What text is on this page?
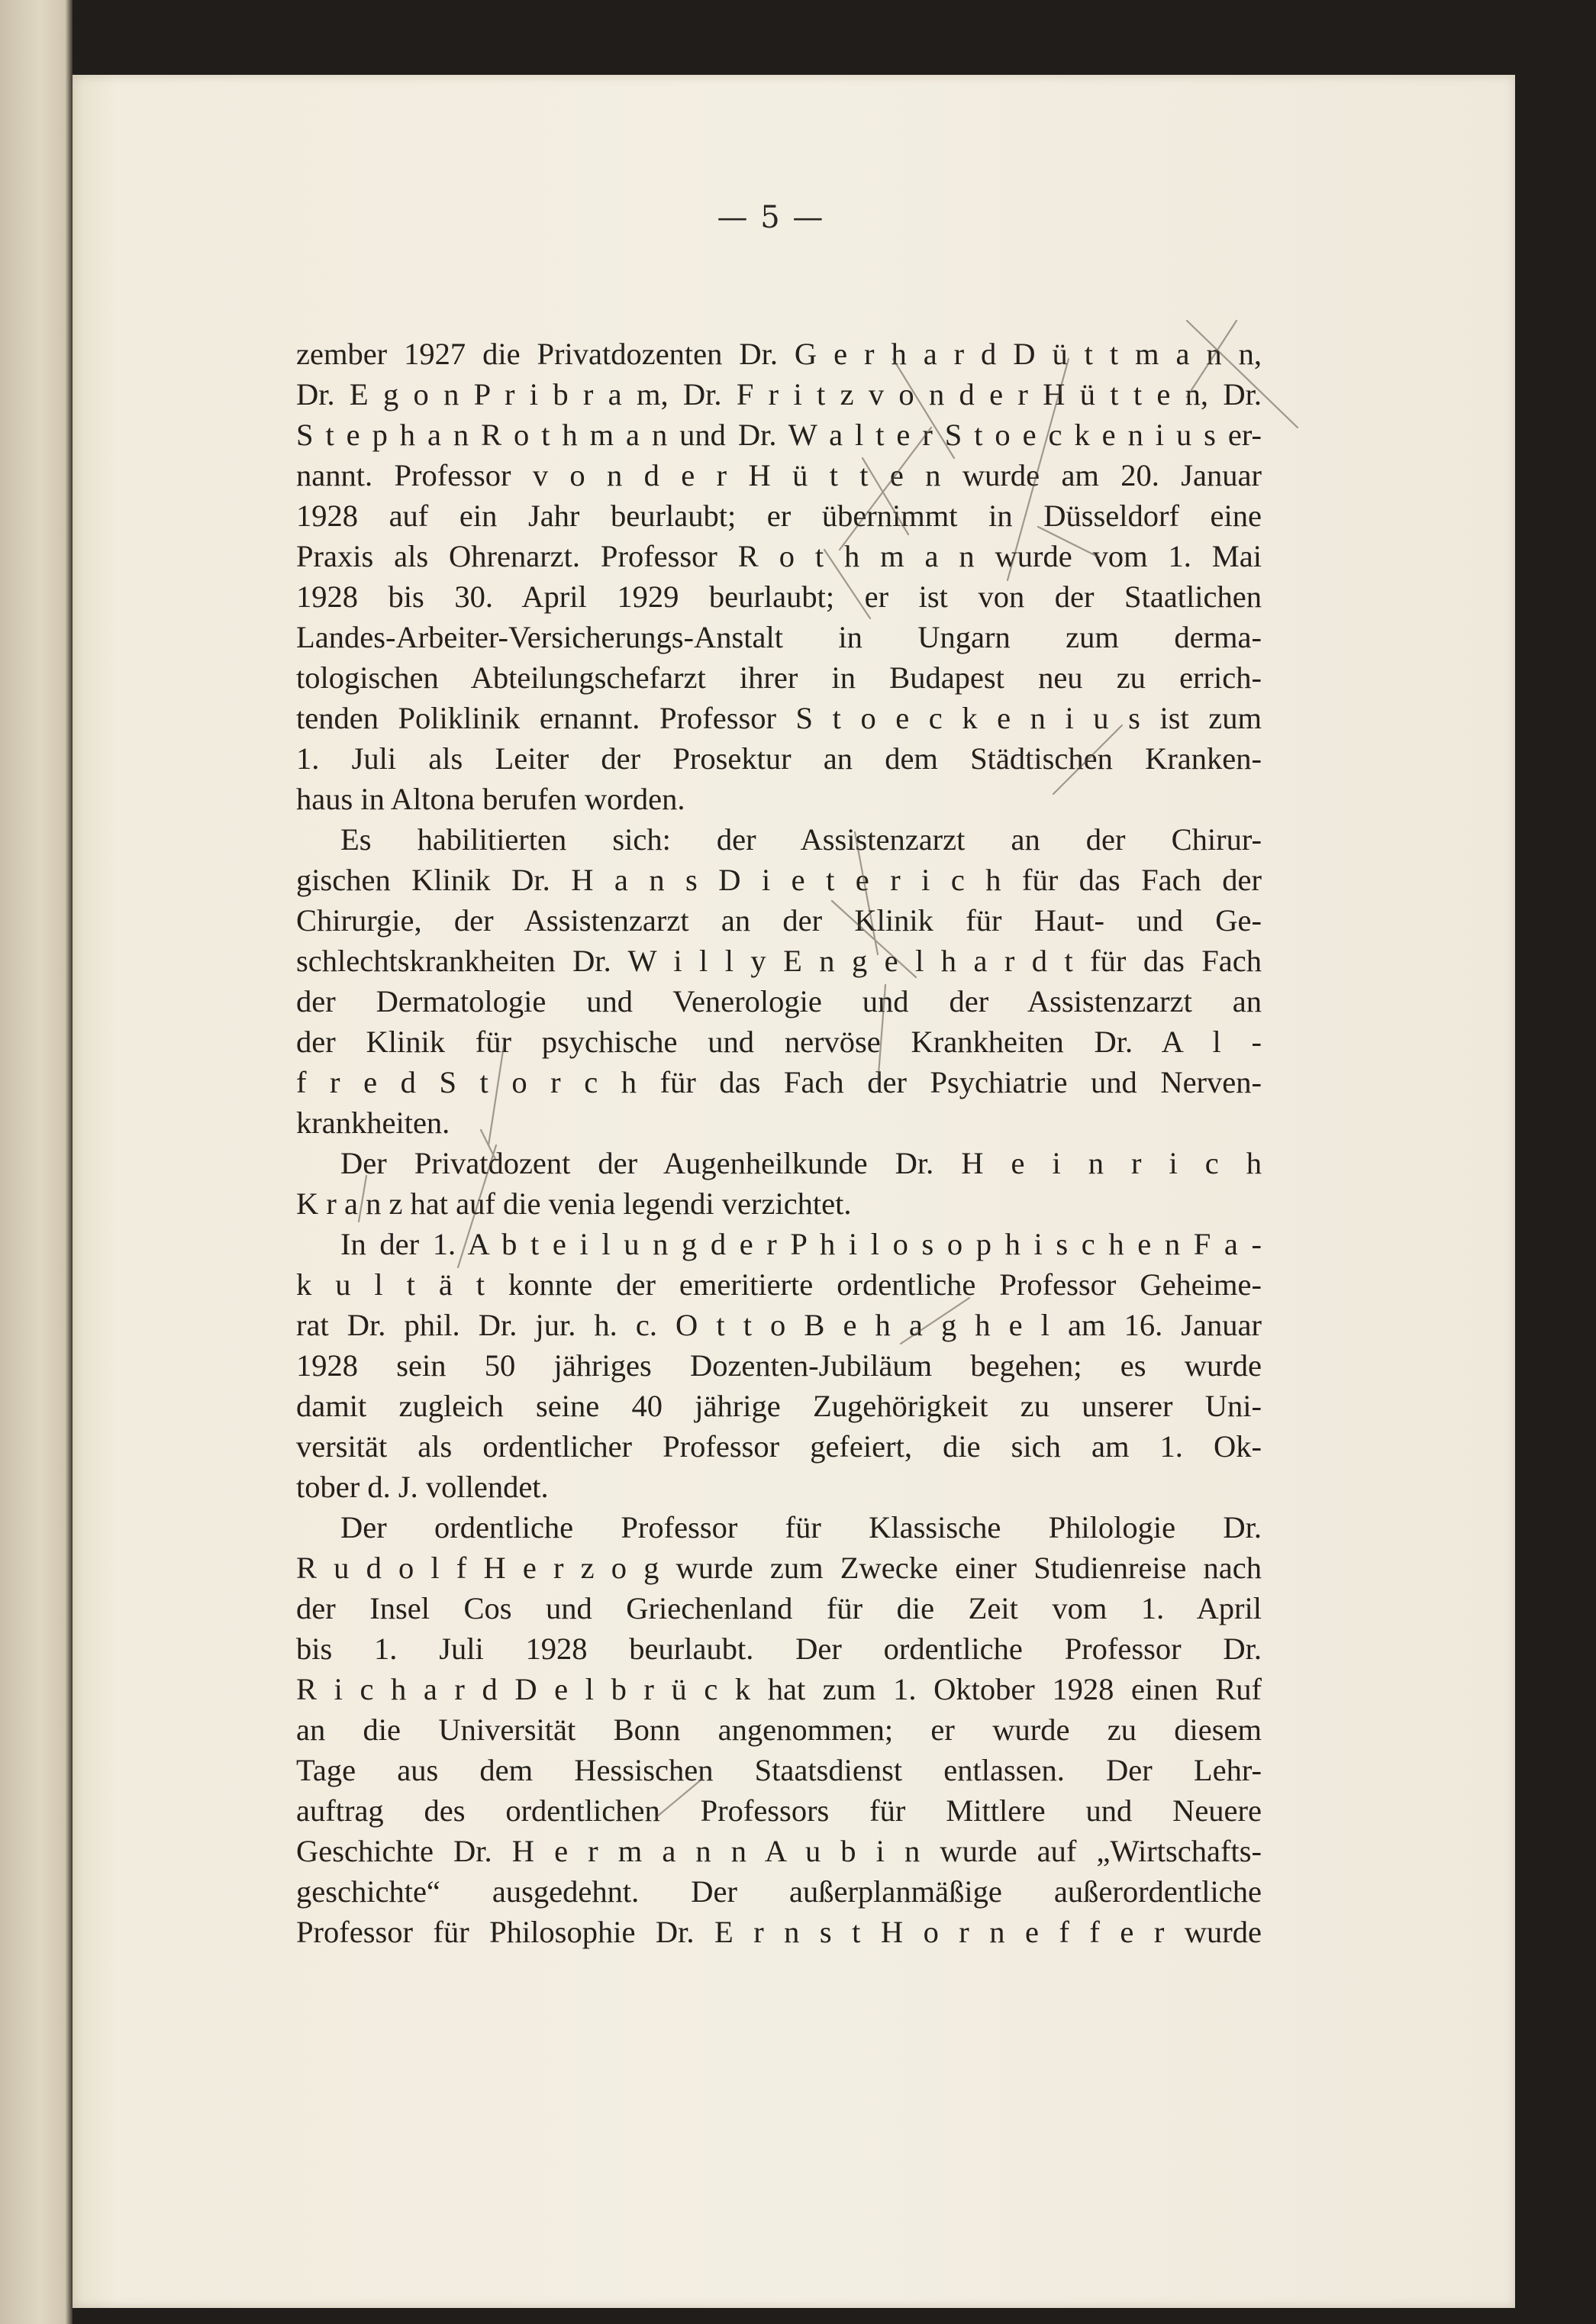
— 5 —
zember 1927 die Privatdozenten Dr. G e r h a r d D ü t t m a n n,
Dr. E g o n P r i b r a m, Dr. F r i t z v o n d e r H ü t t e n, Dr.
S t e p h a n R o t h m a n und Dr. W a l t e r S t o e c k e n i u s er-
nannt. Professor v o n d e r H ü t t e n wurde am 20. Januar
1928 auf ein Jahr beurlaubt; er übernimmt in Düsseldorf eine
Praxis als Ohrenarzt. Professor R o t h m a n wurde vom 1. Mai
1928 bis 30. April 1929 beurlaubt; er ist von der Staatlichen
Landes-Arbeiter-Versicherungs-Anstalt in Ungarn zum derma-
tologischen Abteilungschefarzt ihrer in Budapest neu zu errich-
tenden Poliklinik ernannt. Professor S t o e c k e n i u s ist zum
1. Juli als Leiter der Prosektur an dem Städtischen Kranken-
haus in Altona berufen worden.
Es habilitierten sich: der Assistenzarzt an der Chirur-
gischen Klinik Dr. H a n s D i e t e r i c h für das Fach der
Chirurgie, der Assistenzarzt an der Klinik für Haut- und Ge-
schlechtskrankheiten Dr. W i l l y E n g e l h a r d t für das Fach
der Dermatologie und Venerologie und der Assistenzarzt an
der Klinik für psychische und nervöse Krankheiten Dr. A l -
f r e d S t o r c h für das Fach der Psychiatrie und Nerven-
krankheiten.
Der Privatdozent der Augenheilkunde Dr. H e i n r i c h
K r a n z hat auf die venia legendi verzichtet.
In der 1. A b t e i l u n g d e r P h i l o s o p h i s c h e n F a -
k u l t ä t konnte der emeritierte ordentliche Professor Geheime-
rat Dr. phil. Dr. jur. h. c. O t t o B e h a g h e l am 16. Januar
1928 sein 50 jähriges Dozenten-Jubiläum begehen; es wurde
damit zugleich seine 40 jährige Zugehörigkeit zu unserer Uni-
versität als ordentlicher Professor gefeiert, die sich am 1. Ok-
tober d. J. vollendet.
Der ordentliche Professor für Klassische Philologie Dr.
R u d o l f H e r z o g wurde zum Zwecke einer Studienreise nach
der Insel Cos und Griechenland für die Zeit vom 1. April
bis 1. Juli 1928 beurlaubt. Der ordentliche Professor Dr.
R i c h a r d D e l b r ü c k hat zum 1. Oktober 1928 einen Ruf
an die Universität Bonn angenommen; er wurde zu diesem
Tage aus dem Hessischen Staatsdienst entlassen. Der Lehr-
auftrag des ordentlichen Professors für Mittlere und Neuere
Geschichte Dr. H e r m a n n A u b i n wurde auf „Wirtschafts-
geschichte“ ausgedehnt. Der außerplanmäßige außerordentliche
Professor für Philosophie Dr. E r n s t H o r n e f f e r wurde
